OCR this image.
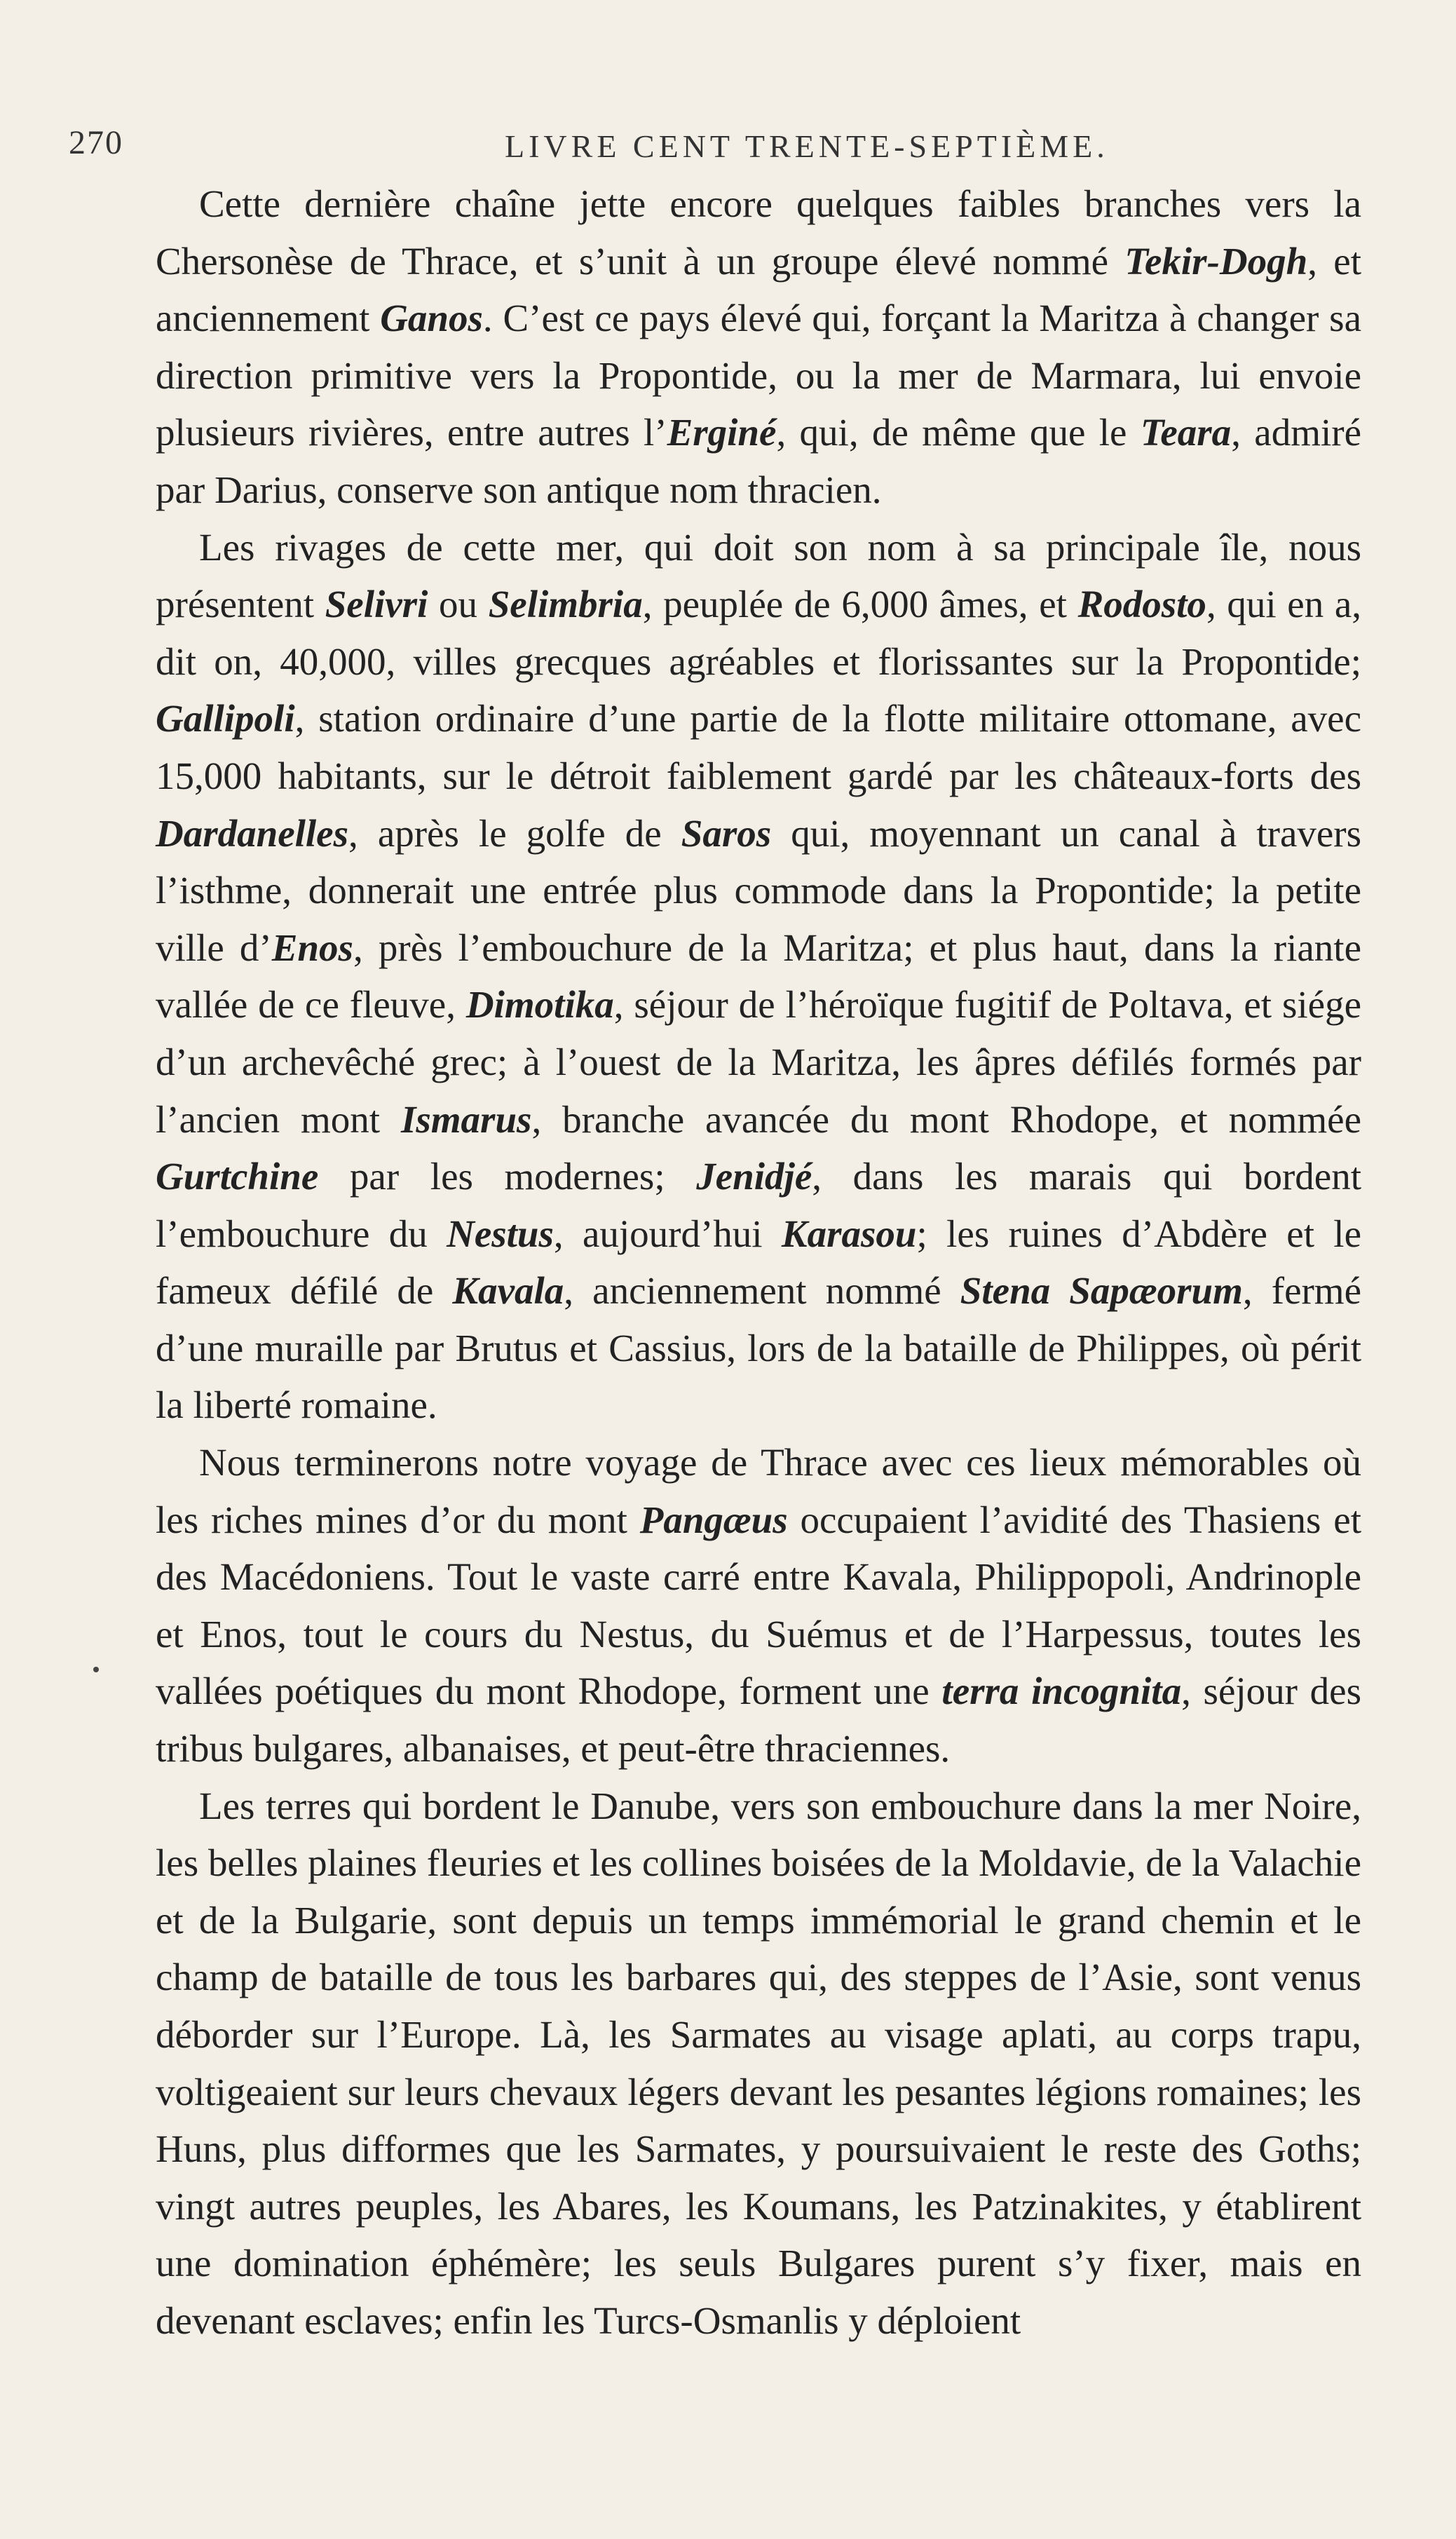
270	LIVRE CENT TRENTE-SEPTIÈME.

Cette dernière chaîne jette encore quelques faibles branches vers la Chersonèse de Thrace, et s’unit à un groupe élevé nommé Tekir-Dogh, et anciennement Ganos. C’est ce pays élevé qui, forçant la Maritza à changer sa direction primitive vers la Propontide, ou la mer de Marmara, lui envoie plusieurs rivières, entre autres l’Erginé, qui, de même que le Teara, admiré par Darius, conserve son antique nom thracien.

Les rivages de cette mer, qui doit son nom à sa principale île, nous présentent Selivri ou Selimbria, peuplée de 6,000 âmes, et Rodosto, qui en a, dit on, 40,000, villes grecques agréables et florissantes sur la Propontide; Gallipoli, station ordinaire d’une partie de la flotte militaire ottomane, avec 15,000 habitants, sur le détroit faiblement gardé par les châteaux-forts des Dardanelles, après le golfe de Saros qui, moyennant un canal à travers l’isthme, donnerait une entrée plus commode dans la Propontide; la petite ville d’Enos, près l’embouchure de la Maritza; et plus haut, dans la riante vallée de ce fleuve, Dimotika, séjour de l’héroïque fugitif de Poltava, et siége d’un archevêché grec; à l’ouest de la Maritza, les âpres défilés formés par l’ancien mont Ismarus, branche avancée du mont Rhodope, et nommée Gurtchine par les modernes; Jenidjé, dans les marais qui bordent l’embouchure du Nestus, aujourd’hui Karasou; les ruines d’Abdère et le fameux défilé de Kavala, anciennement nommé Stena Sapæorum, fermé d’une muraille par Brutus et Cassius, lors de la bataille de Philippes, où périt la liberté romaine.

Nous terminerons notre voyage de Thrace avec ces lieux mémorables où les riches mines d’or du mont Pangæus occupaient l’avidité des Thasiens et des Macédoniens. Tout le vaste carré entre Kavala, Philippopoli, Andrinople et Enos, tout le cours du Nestus, du Suémus et de l’Harpessus, toutes les vallées poétiques du mont Rhodope, forment une terra incognita, séjour des tribus bulgares, albanaises, et peut-être thraciennes.

Les terres qui bordent le Danube, vers son embouchure dans la mer Noire, les belles plaines fleuries et les collines boisées de la Moldavie, de la Valachie et de la Bulgarie, sont depuis un temps immémorial le grand chemin et le champ de bataille de tous les barbares qui, des steppes de l’Asie, sont venus déborder sur l’Europe. Là, les Sarmates au visage aplati, au corps trapu, voltigeaient sur leurs chevaux légers devant les pesantes légions romaines; les Huns, plus difformes que les Sarmates, y poursuivaient le reste des Goths; vingt autres peuples, les Abares, les Koumans, les Patzinakites, y établirent une domination éphémère; les seuls Bulgares purent s’y fixer, mais en devenant esclaves; enfin les Turcs-Osmanlis y déploient
